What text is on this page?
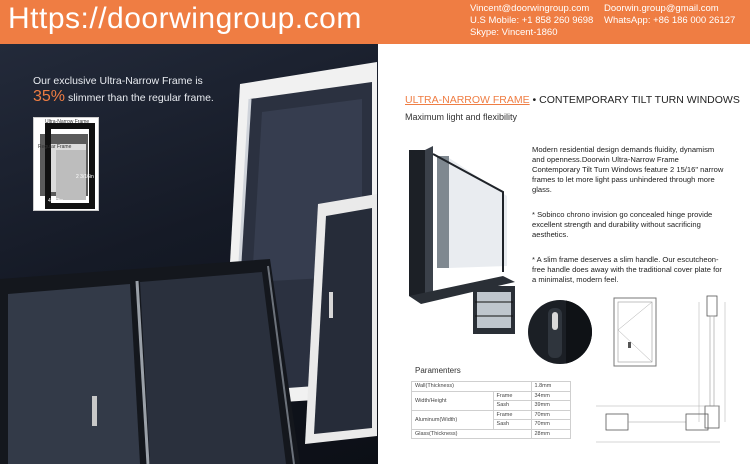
Https://doorwingroup.com	Vincent@doorwingroup.com
U.S Mobile: +1 858 260 9698
Skype: Vincent-1860
Doorwin.group@gmail.com
WhatsApp: +86 186 000 26127
Our exclusive Ultra-Narrow Frame is
35% slimmer than the regular frame.
Ultra-Narrow Frame
Regular Frame
2 3/16in
4 1/2in
ULTRA-NARROW FRAME • CONTEMPORARY TILT TURN WINDOWS
Maximum light and flexibility

Modern residential design demands fluidity, dynamism and openness.Doorwin Ultra-Narrow Frame Contemporary Tilt Turn Windows feature 2 15/16" narrow frames to let more light pass unhindered through more glass.

* Sobinco chrono invision go concealed hinge provide excellent strength and durability without sacrificing aesthetics.

* A slim frame deserves a slim handle. Our escutcheon-free handle does away with the traditional cover plate for a minimalist, modern feel.

Paramenters
Wall(Thickness)		1.8mm
Width/Height	Frame	34mm
	Sash	39mm
Aluminum(Width)	Frame	70mm
	Sash	70mm
Glass(Thickness)		28mm
